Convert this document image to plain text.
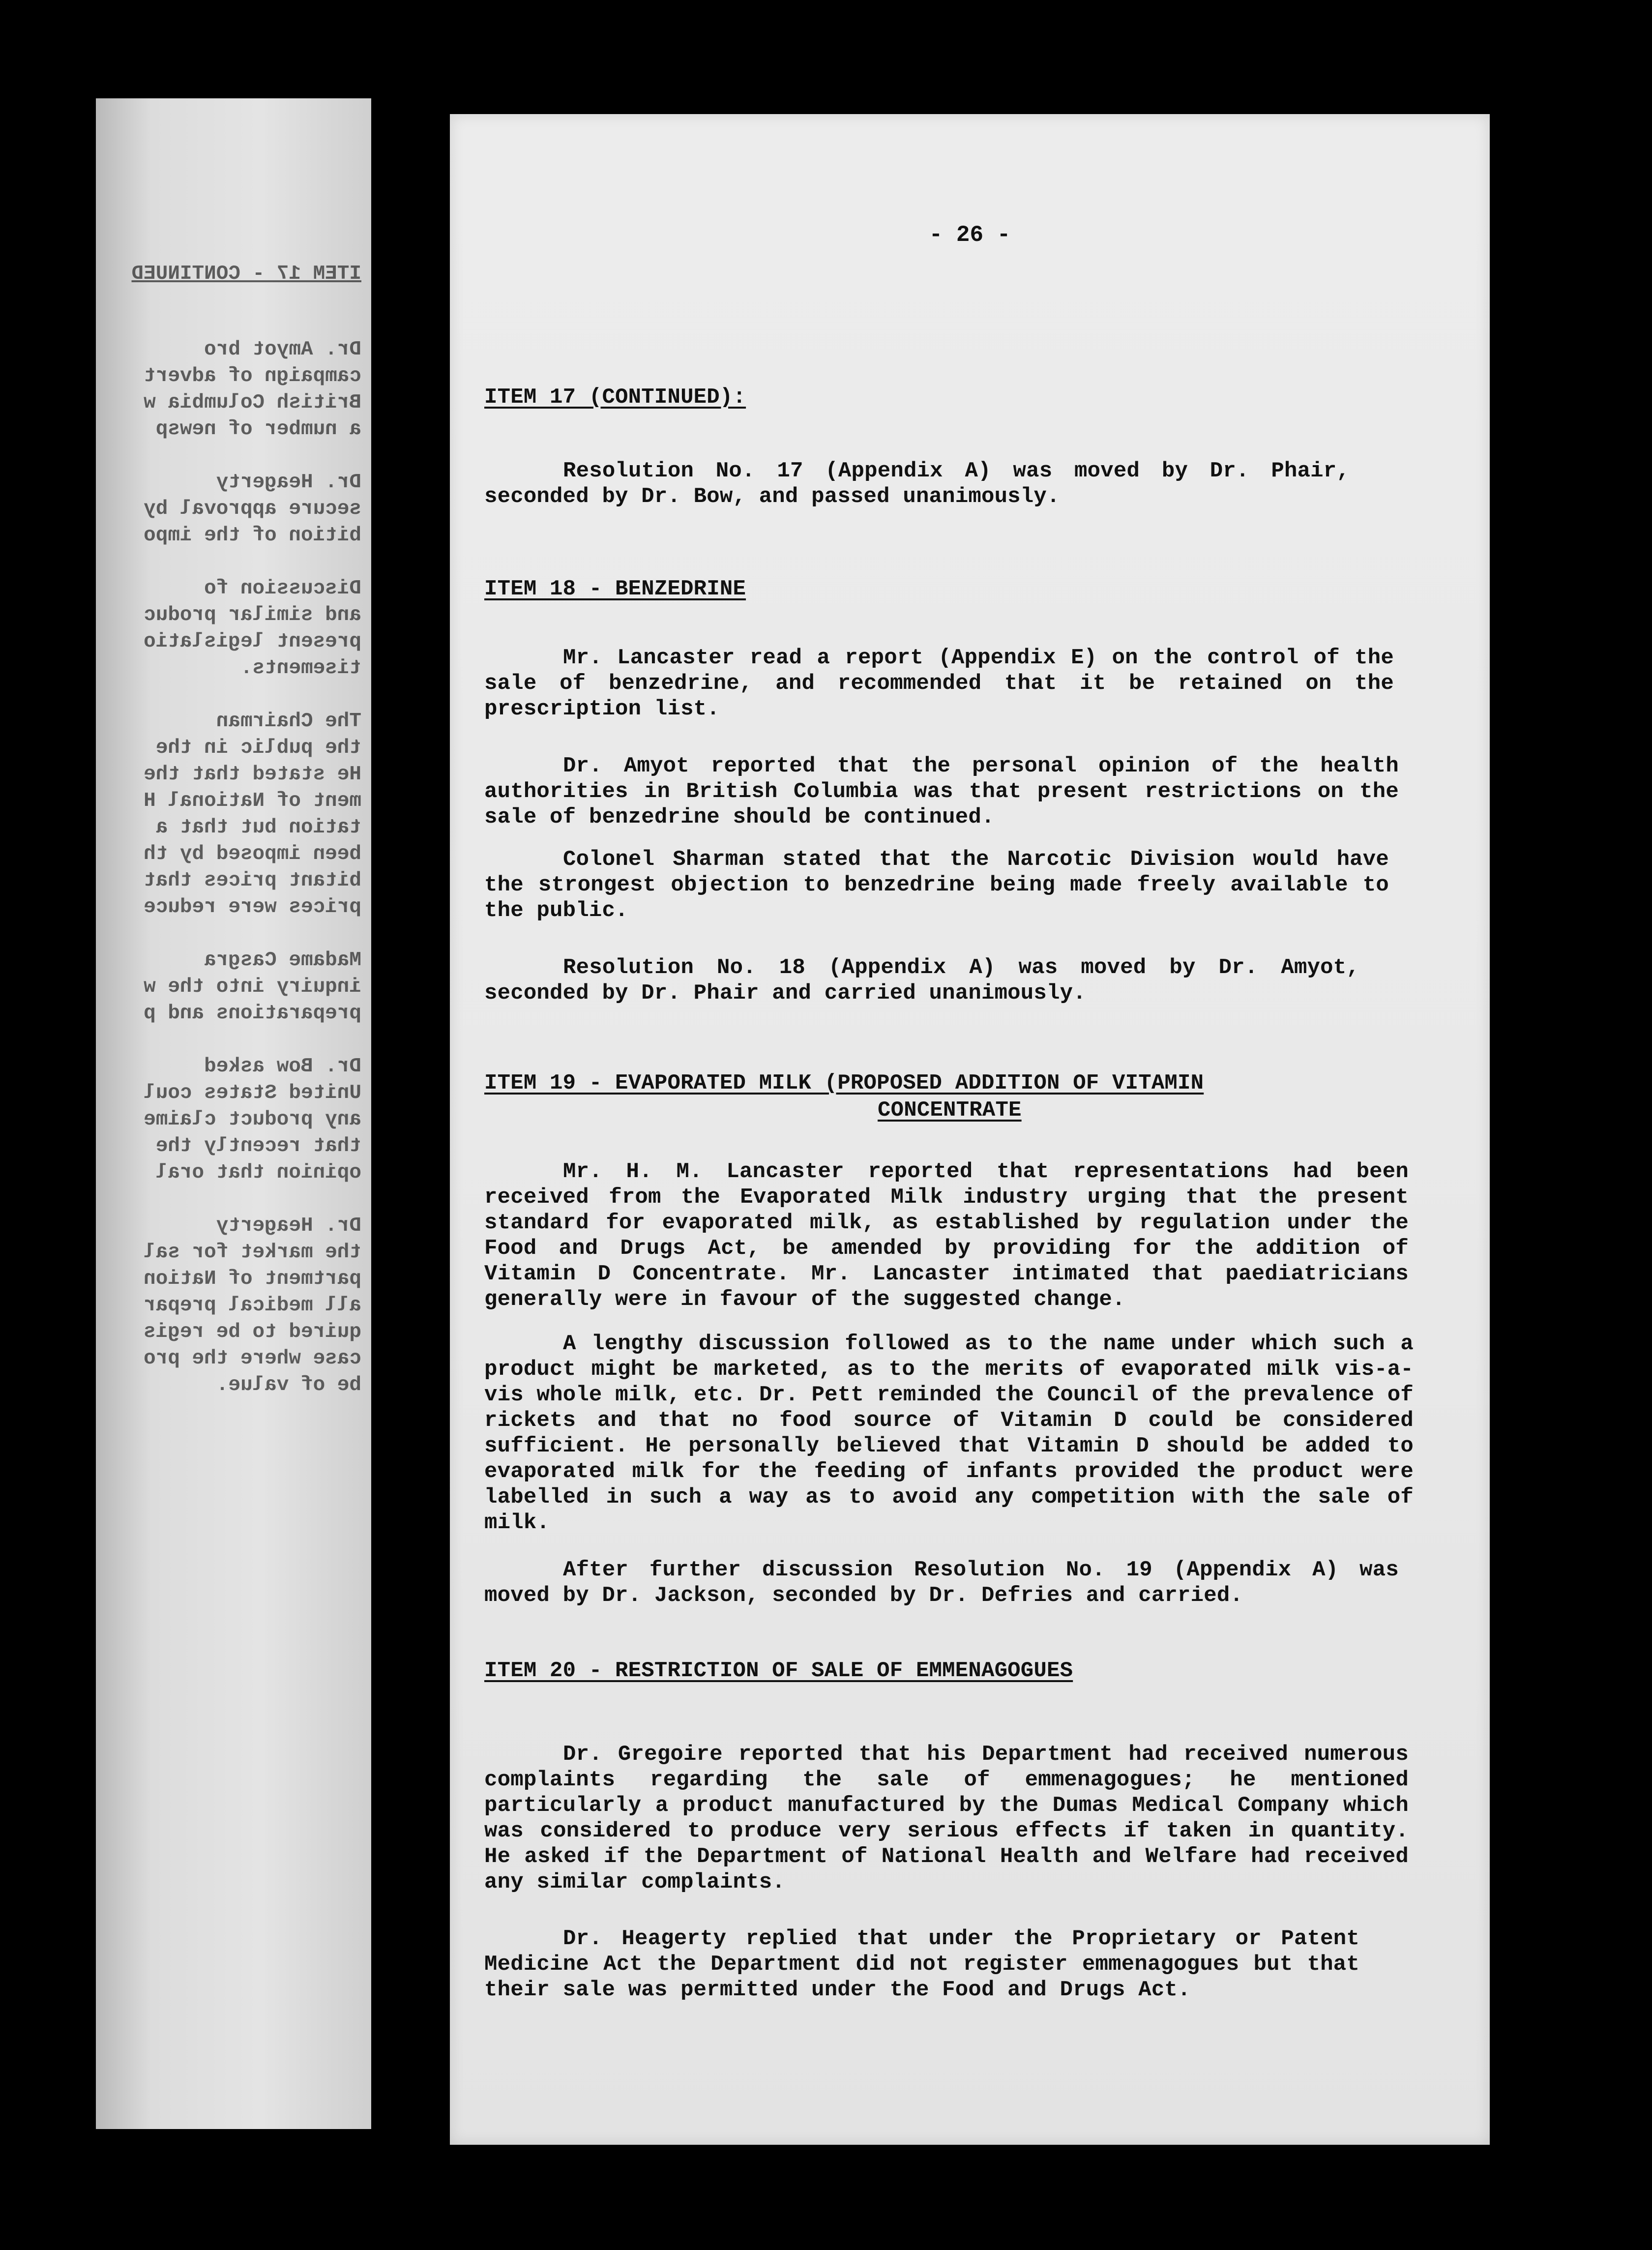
ITEM 17 - CONTINUED

Dr. Amyot bro

campaign of advert

British Columbia w

a number of newsp

Dr. Heagerty

secure approval by

bition of the impo

Discussion fo

and similar produc

present legislatio

tisements.

The Chairman

the public in the

He stated that the

ment of National H

tation but that a

been imposed by th

bitant prices that

prices were reduce

Madame Casgra

inquiry into the w

preparations and p

Dr. Bow asked

United States coul

any product claime

that recently the

opinion that oral

Dr. Heagerty

the market for sal

partment of Nation

all medical prepar

quired to be regis

case where the pro

be of value.

- 26 -
ITEM 17 (CONTINUED):

Resolution No. 17 (Appendix A) was moved by Dr. Phair, seconded by Dr. Bow, and passed unanimously.

ITEM 18 - BENZEDRINE

Mr. Lancaster read a report (Appendix E) on the control of the sale of benzedrine, and recommended that it be retained on the prescription list.

Dr. Amyot reported that the personal opinion of the health authorities in British Columbia was that present restrictions on the sale of benzedrine should be continued.

Colonel Sharman stated that the Narcotic Division would have the strongest objection to benzedrine being made freely available to the public.

Resolution No. 18 (Appendix A) was moved by Dr. Amyot, seconded by Dr. Phair and carried unanimously.

ITEM 19 - EVAPORATED MILK (PROPOSED ADDITION OF VITAMIN
CONCENTRATE

Mr. H. M. Lancaster reported that representations had been received from the Evaporated Milk industry urging that the present standard for evaporated milk, as established by regulation under the Food and Drugs Act, be amended by providing for the addition of Vitamin D Concentrate. Mr. Lancaster intimated that paediatricians generally were in favour of the suggested change.

A lengthy discussion followed as to the name under which such a product might be marketed, as to the merits of evaporated milk vis-a-vis whole milk, etc. Dr. Pett reminded the Council of the prevalence of rickets and that no food source of Vitamin D could be considered sufficient. He personally believed that Vitamin D should be added to evaporated milk for the feeding of infants provided the product were labelled in such a way as to avoid any competition with the sale of milk.

After further discussion Resolution No. 19 (Appendix A) was moved by Dr. Jackson, seconded by Dr. Defries and carried.

ITEM 20 - RESTRICTION OF SALE OF EMMENAGOGUES

Dr. Gregoire reported that his Department had received numerous complaints regarding the sale of emmenagogues; he mentioned particularly a product manufactured by the Dumas Medical Company which was considered to produce very serious effects if taken in quantity. He asked if the Department of National Health and Welfare had received any similar complaints.

Dr. Heagerty replied that under the Proprietary or Patent Medicine Act the Department did not register emmenagogues but that their sale was permitted under the Food and Drugs Act.
